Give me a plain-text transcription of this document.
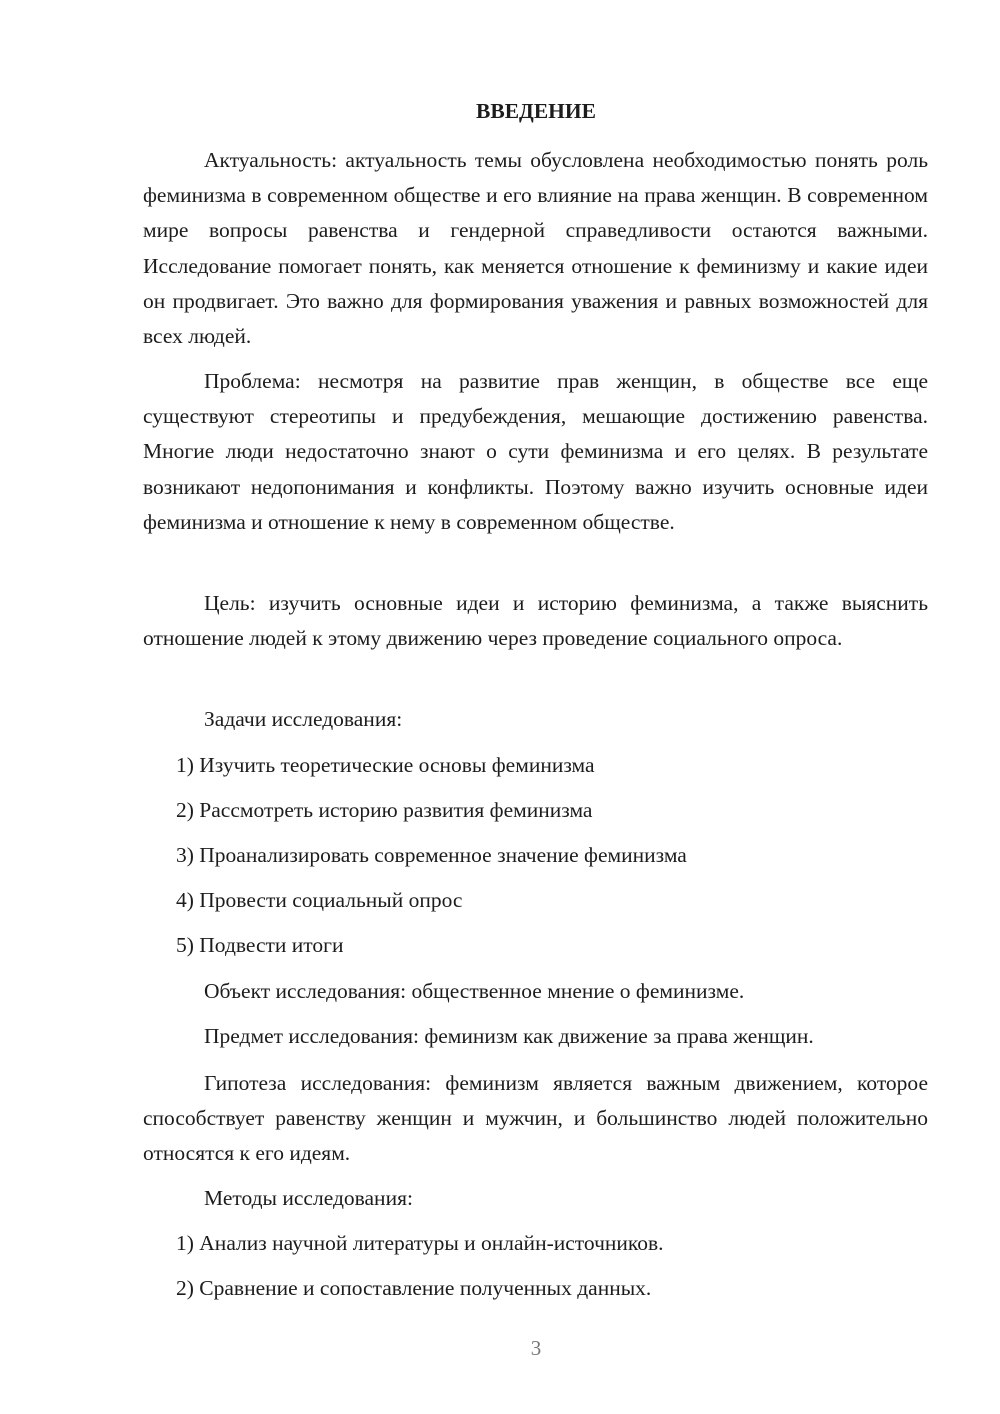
ВВЕДЕНИЕ

Актуальность: актуальность темы обусловлена необходимостью понять роль феминизма в современном обществе и его влияние на права женщин. В современном мире вопросы равенства и гендерной справедливости остаются важными. Исследование помогает понять, как меняется отношение к феминизму и какие идеи он продвигает. Это важно для формирования уважения и равных возможностей для всех людей.

Проблема: несмотря на развитие прав женщин, в обществе все еще существуют стереотипы и предубеждения, мешающие достижению равенства. Многие люди недостаточно знают о сути феминизма и его целях. В результате возникают недопонимания и конфликты. Поэтому важно изучить основные идеи феминизма и отношение к нему в современном обществе.

Цель: изучить основные идеи и историю феминизма, а также выяснить отношение людей к этому движению через проведение социального опроса.

Задачи исследования:

1) Изучить теоретические основы феминизма

2) Рассмотреть историю развития феминизма

3) Проанализировать современное значение феминизма

4) Провести социальный опрос

5) Подвести итоги

Объект исследования: общественное мнение о феминизме.

Предмет исследования: феминизм как движение за права женщин.

Гипотеза исследования: феминизм является важным движением, которое способствует равенству женщин и мужчин, и большинство людей положительно относятся к его идеям.

Методы исследования:

1) Анализ научной литературы и онлайн-источников.

2) Сравнение и сопоставление полученных данных.

3
